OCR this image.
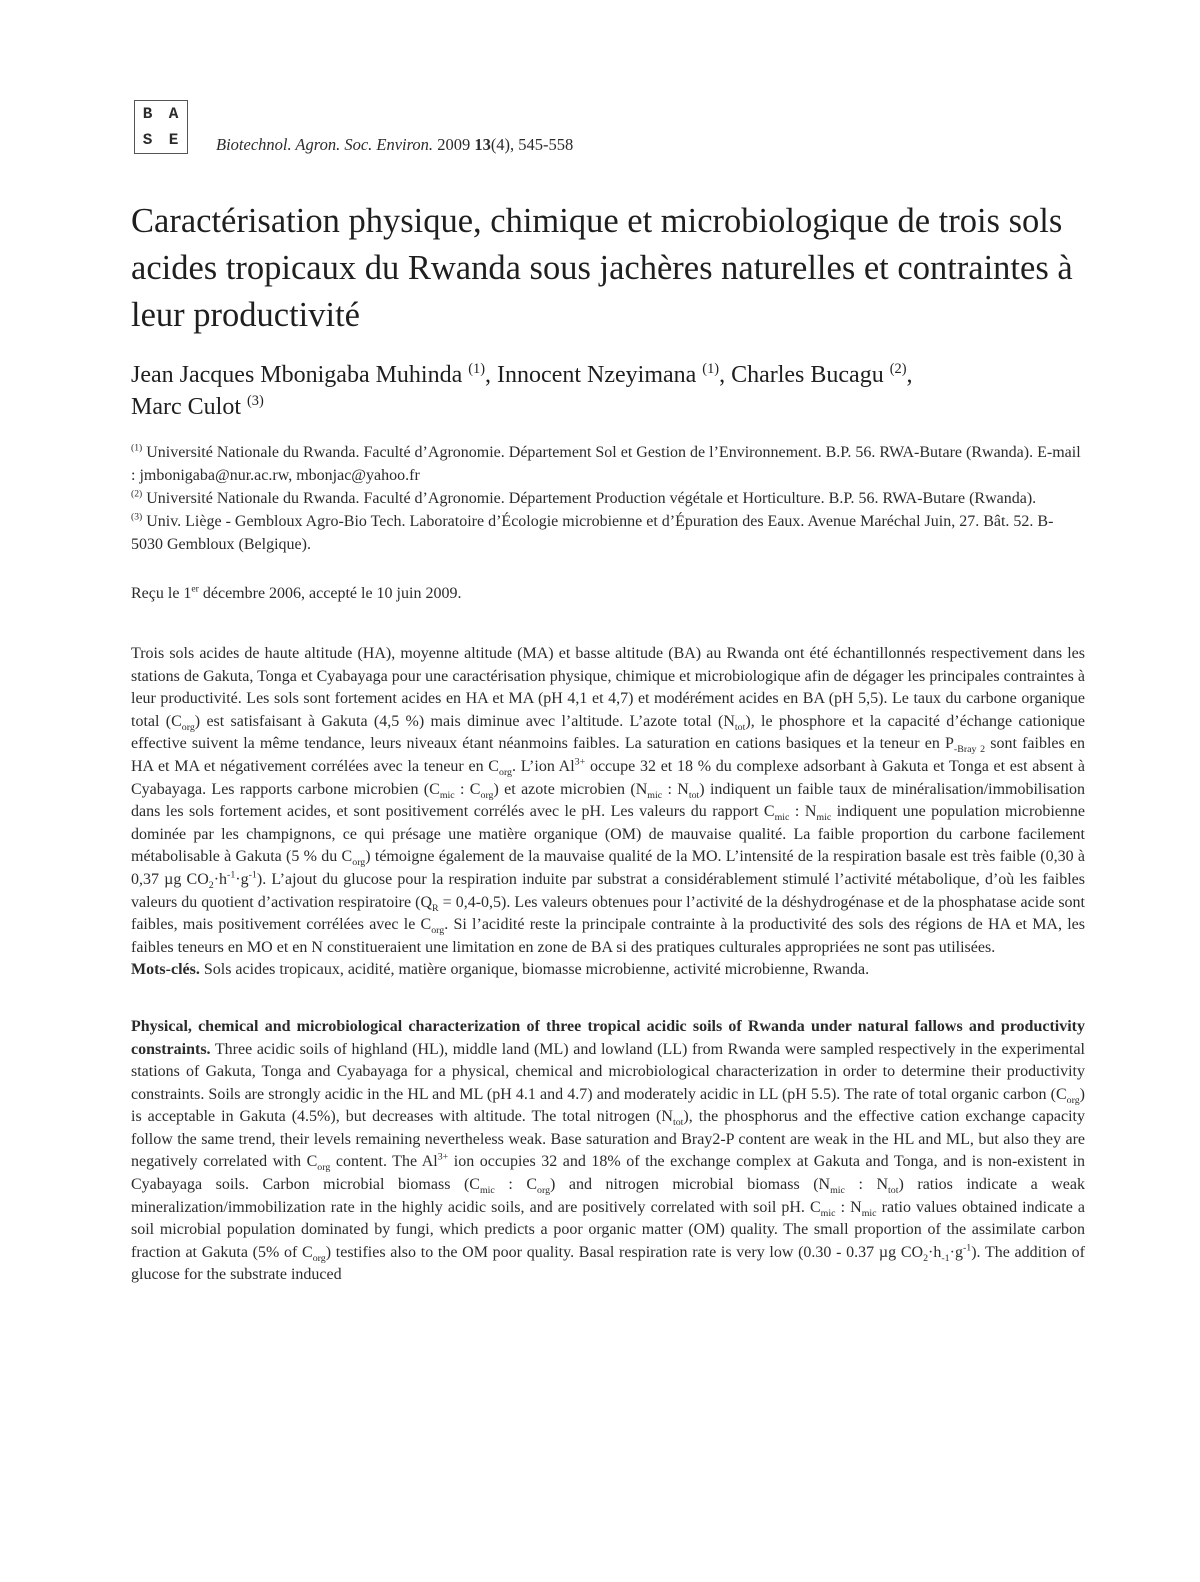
B A
S E	Biotechnol. Agron. Soc. Environ. 2009 13(4), 545-558
Caractérisation physique, chimique et microbiologique de trois sols acides tropicaux du Rwanda sous jachères naturelles et contraintes à leur productivité
Jean Jacques Mbonigaba Muhinda $^{(1)}$, Innocent Nzeyimana $^{(1)}$, Charles Bucagu $^{(2)}$,
Marc Culot $^{(3)}$

$^{(1)}$ Université Nationale du Rwanda. Faculté d’Agronomie. Département Sol et Gestion de l’Environnement. B.P. 56. RWA-Butare (Rwanda). E-mail : jmbonigaba@nur.ac.rw, mbonjac@yahoo.fr

$^{(2)}$ Université Nationale du Rwanda. Faculté d’Agronomie. Département Production végétale et Horticulture. B.P. 56. RWA-Butare (Rwanda).

$^{(3)}$ Univ. Liège - Gembloux Agro-Bio Tech. Laboratoire d’Écologie microbienne et d’Épuration des Eaux. Avenue Maréchal Juin, 27. Bât. 52. B-5030 Gembloux (Belgique).

Reçu le 1er décembre 2006, accepté le 10 juin 2009.
Trois sols acides de haute altitude (HA), moyenne altitude (MA) et basse altitude (BA) au Rwanda ont été échantillonnés respectivement dans les stations de Gakuta, Tonga et Cyabayaga pour une caractérisation physique, chimique et microbiologique afin de dégager les principales contraintes à leur productivité. Les sols sont fortement acides en HA et MA (pH 4,1 et 4,7) et modérément acides en BA (pH 5,5). Le taux du carbone organique total $(C_{org})$ est satisfaisant à Gakuta (4,5 %) mais diminue avec l’altitude. L’azote total $(N_{tot})$, le phosphore et la capacité d’échange cationique effective suivent la même tendance, leurs niveaux étant néanmoins faibles. La saturation en cations basiques et la teneur en $P_{-Bray 2}$ sont faibles en HA et MA et négativement corrélées avec la teneur en $C_{org}$. L’ion $Al^{3+}$ occupe 32 et 18 % du complexe adsorbant à Gakuta et Tonga et est absent à Cyabayaga. Les rapports carbone microbien ($C_{mic}$ : $C_{org}$) et azote microbien ($N_{mic}$ : $N_{tot}$) indiquent un faible taux de minéralisation/immobilisation dans les sols fortement acides, et sont positivement corrélés avec le pH. Les valeurs du rapport $C_{mic}$ : $N_{mic}$ indiquent une population microbienne dominée par les champignons, ce qui présage une matière organique (OM) de mauvaise qualité. La faible proportion du carbone facilement métabolisable à Gakuta (5 % du $C_{org}$) témoigne également de la mauvaise qualité de la MO. L’intensité de la respiration basale est très faible (0,30 à 0,37 µg $CO_2\cdot h^{-1}\cdot g^{-1}$). L’ajout du glucose pour la respiration induite par substrat a considérablement stimulé l’activité métabolique, d’où les faibles valeurs du quotient d’activation respiratoire $(Q_R = 0,4-0,5)$. Les valeurs obtenues pour l’activité de la déshydrogénase et de la phosphatase acide sont faibles, mais positivement corrélées avec le $C_{org}$. Si l’acidité reste la principale contrainte à la productivité des sols des régions de HA et MA, les faibles teneurs en MO et en N constitueraient une limitation en zone de BA si des pratiques culturales appropriées ne sont pas utilisées.
Mots-clés. Sols acides tropicaux, acidité, matière organique, biomasse microbienne, activité microbienne, Rwanda.
Physical, chemical and microbiological characterization of three tropical acidic soils of Rwanda under natural fallows and productivity constraints. Three acidic soils of highland (HL), middle land (ML) and lowland (LL) from Rwanda were sampled respectively in the experimental stations of Gakuta, Tonga and Cyabayaga for a physical, chemical and microbiological characterization in order to determine their productivity constraints. Soils are strongly acidic in the HL and ML (pH 4.1 and 4.7) and moderately acidic in LL (pH 5.5). The rate of total organic carbon $(C_{org})$ is acceptable in Gakuta (4.5%), but decreases with altitude. The total nitrogen $(N_{tot})$, the phosphorus and the effective cation exchange capacity follow the same trend, their levels remaining nevertheless weak. Base saturation and Bray2-P content are weak in the HL and ML, but also they are negatively correlated with $C_{org}$ content. The $Al^{3+}$ ion occupies 32 and 18% of the exchange complex at Gakuta and Tonga, and is non-existent in Cyabayaga soils. Carbon microbial biomass ($C_{mic}$ : $C_{org}$) and nitrogen microbial biomass ($N_{mic}$ : $N_{tot}$) ratios indicate a weak mineralization/immobilization rate in the highly acidic soils, and are positively correlated with soil pH. $C_{mic}$ : $N_{mic}$ ratio values obtained indicate a soil microbial population dominated by fungi, which predicts a poor organic matter (OM) quality. The small proportion of the assimilate carbon fraction at Gakuta (5% of $C_{org}$) testifies also to the OM poor quality. Basal respiration rate is very low (0.30 - 0.37 µg $CO_2\cdot h_{-1}\cdot g^{-1}$). The addition of glucose for the substrate induced
